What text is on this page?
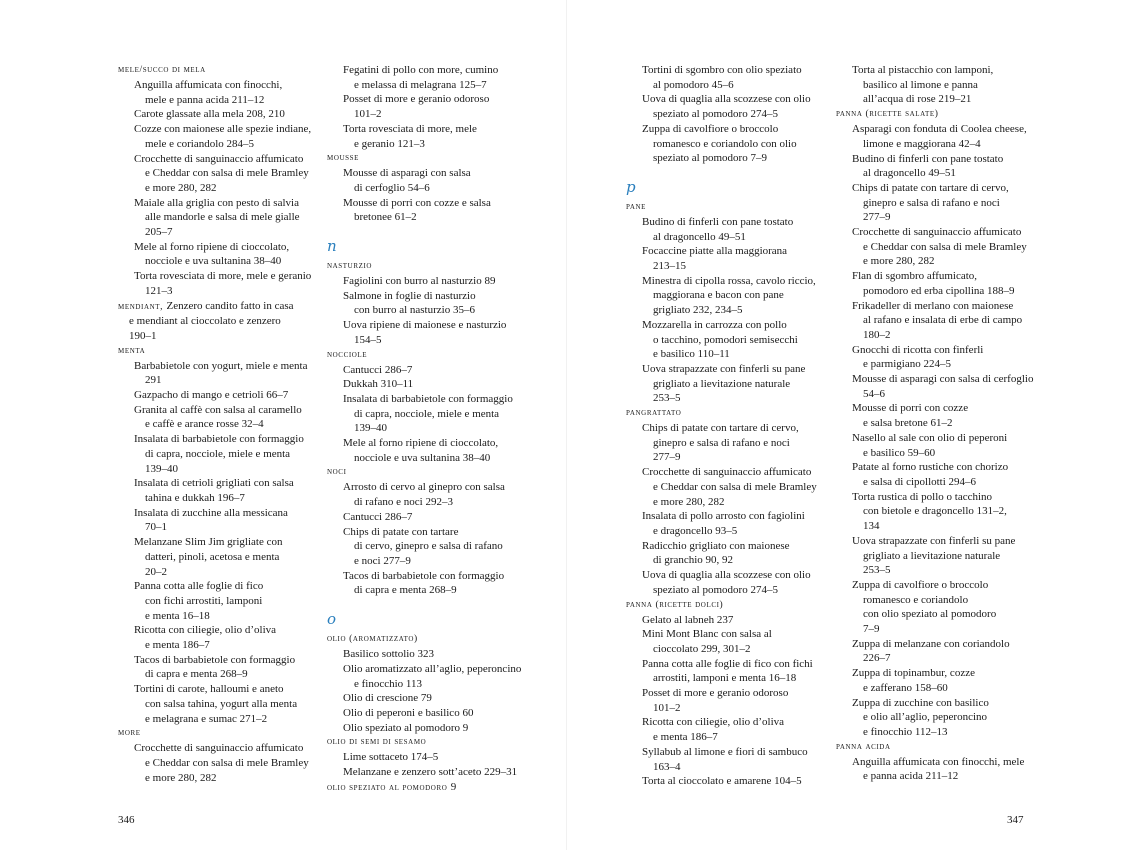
mele/succo di mela
Anguilla affumicata con finocchi,
mele e panna acida 211–12
Carote glassate alla mela 208, 210
Cozze con maionese alle spezie indiane,
mele e coriandolo 284–5
Crocchette di sanguinaccio affumicato
e Cheddar con salsa di mele Bramley
e more 280, 282
Maiale alla griglia con pesto di salvia
alle mandorle e salsa di mele gialle
205–7
Mele al forno ripiene di cioccolato,
nocciole e uva sultanina 38–40
Torta rovesciata di more, mele e geranio
121–3
mendiant, Zenzero candito fatto in casa
e mendiant al cioccolato e zenzero
190–1
menta
Barbabietole con yogurt, miele e menta
291
Gazpacho di mango e cetrioli 66–7
Granita al caffè con salsa al caramello
e caffè e arance rosse 32–4
Insalata di barbabietole con formaggio
di capra, nocciole, miele e menta
139–40
Insalata di cetrioli grigliati con salsa
tahina e dukkah 196–7
Insalata di zucchine alla messicana
70–1
Melanzane Slim Jim grigliate con
datteri, pinoli, acetosa e menta
20–2
Panna cotta alle foglie di fico
con fichi arrostiti, lamponi
e menta 16–18
Ricotta con ciliegie, olio d’oliva
e menta 186–7
Tacos di barbabietole con formaggio
di capra e menta 268–9
Tortini di carote, halloumi e aneto
con salsa tahina, yogurt alla menta
e melagrana e sumac 271–2
more
Crocchette di sanguinaccio affumicato
e Cheddar con salsa di mele Bramley
e more 280, 282
Fegatini di pollo con more, cumino
e melassa di melagrana 125–7
Posset di more e geranio odoroso
101–2
Torta rovesciata di more, mele
e geranio 121–3
mousse
Mousse di asparagi con salsa
di cerfoglio 54–6
Mousse di porri con cozze e salsa
bretonee 61–2
n
nasturzio
Fagiolini con burro al nasturzio 89
Salmone in foglie di nasturzio
con burro al nasturzio 35–6
Uova ripiene di maionese e nasturzio
154–5
nocciole
Cantucci 286–7
Dukkah 310–11
Insalata di barbabietole con formaggio
di capra, nocciole, miele e menta
139–40
Mele al forno ripiene di cioccolato,
nocciole e uva sultanina 38–40
noci
Arrosto di cervo al ginepro con salsa
di rafano e noci 292–3
Cantucci 286–7
Chips di patate con tartare
di cervo, ginepro e salsa di rafano
e noci 277–9
Tacos di barbabietole con formaggio
di capra e menta 268–9
o
olio (aromatizzato)
Basilico sottolio 323
Olio aromatizzato all’aglio, peperoncino
e finocchio 113
Olio di crescione 79
Olio di peperoni e basilico 60
Olio speziato al pomodoro 9
olio di semi di sesamo
Lime sottaceto 174–5
Melanzane e zenzero sott’aceto 229–31
olio speziato al pomodoro 9
346
Tortini di sgombro con olio speziato
al pomodoro 45–6
Uova di quaglia alla scozzese con olio
speziato al pomodoro 274–5
Zuppa di cavolfiore o broccolo
romanesco e coriandolo con olio
speziato al pomodoro 7–9
p
pane
Budino di finferli con pane tostato
al dragoncello 49–51
Focaccine piatte alla maggiorana
213–15
Minestra di cipolla rossa, cavolo riccio,
maggiorana e bacon con pane
grigliato 232, 234–5
Mozzarella in carrozza con pollo
o tacchino, pomodori semisecchi
e basilico 110–11
Uova strapazzate con finferli su pane
grigliato a lievitazione naturale
253–5
pangrattato
Chips di patate con tartare di cervo,
ginepro e salsa di rafano e noci
277–9
Crocchette di sanguinaccio affumicato
e Cheddar con salsa di mele Bramley
e more 280, 282
Insalata di pollo arrosto con fagiolini
e dragoncello 93–5
Radicchio grigliato con maionese
di granchio 90, 92
Uova di quaglia alla scozzese con olio
speziato al pomodoro 274–5
panna (ricette dolci)
Gelato al labneh 237
Mini Mont Blanc con salsa al
cioccolato 299, 301–2
Panna cotta alle foglie di fico con fichi
arrostiti, lamponi e menta 16–18
Posset di more e geranio odoroso
101–2
Ricotta con ciliegie, olio d’oliva
e menta 186–7
Syllabub al limone e fiori di sambuco
163–4
Torta al cioccolato e amarene 104–5
Torta al pistacchio con lamponi,
basilico al limone e panna
all’acqua di rose 219–21
panna (ricette salate)
Asparagi con fonduta di Coolea cheese,
limone e maggiorana 42–4
Budino di finferli con pane tostato
al dragoncello 49–51
Chips di patate con tartare di cervo,
ginepro e salsa di rafano e noci
277–9
Crocchette di sanguinaccio affumicato
e Cheddar con salsa di mele Bramley
e more 280, 282
Flan di sgombro affumicato,
pomodoro ed erba cipollina 188–9
Frikadeller di merlano con maionese
al rafano e insalata di erbe di campo
180–2
Gnocchi di ricotta con finferli
e parmigiano 224–5
Mousse di asparagi con salsa di cerfoglio
54–6
Mousse di porri con cozze
e salsa bretone 61–2
Nasello al sale con olio di peperoni
e basilico 59–60
Patate al forno rustiche con chorizo
e salsa di cipollotti 294–6
Torta rustica di pollo o tacchino
con bietole e dragoncello 131–2,
134
Uova strapazzate con finferli su pane
grigliato a lievitazione naturale
253–5
Zuppa di cavolfiore o broccolo
romanesco e coriandolo
con olio speziato al pomodoro
7–9
Zuppa di melanzane con coriandolo
226–7
Zuppa di topinambur, cozze
e zafferano 158–60
Zuppa di zucchine con basilico
e olio all’aglio, peperoncino
e finocchio 112–13
panna acida
Anguilla affumicata con finocchi, mele
e panna acida 211–12
347
